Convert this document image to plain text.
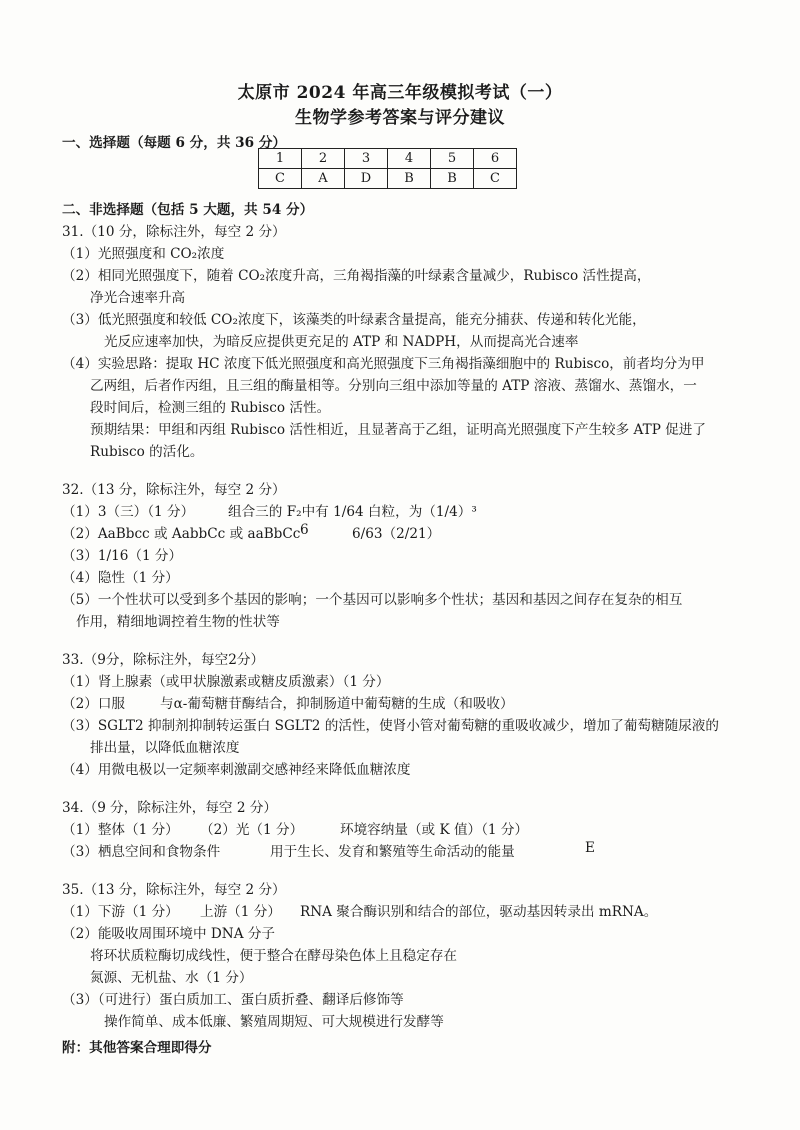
太原市 2024 年高三年级模拟考试（一）
生物学参考答案与评分建议
一、选择题（每题 6 分，共 36 分）
1	2	3	4	5	6
C	A	D	B	B	C
二、非选择题（包括 5 大题，共 54 分）
31.（10 分，除标注外，每空 2 分）
（1）光照强度和 CO₂浓度
（2）相同光照强度下，随着 CO₂浓度升高，三角褐指藻的叶绿素含量减少，Rubisco 活性提高，
净光合速率升高
（3）低光照强度和较低 CO₂浓度下，该藻类的叶绿素含量提高，能充分捕获、传递和转化光能，
光反应速率加快，为暗反应提供更充足的 ATP 和 NADPH，从而提高光合速率
（4）实验思路：提取 HC 浓度下低光照强度和高光照强度下三角褐指藻细胞中的 Rubisco，前者均分为甲
乙两组，后者作丙组，且三组的酶量相等。分别向三组中添加等量的 ATP 溶液、蒸馏水、蒸馏水，一
段时间后，检测三组的 Rubisco 活性。
预期结果：甲组和丙组 Rubisco 活性相近，且显著高于乙组，证明高光照强度下产生较多 ATP 促进了
Rubisco 的活化。
32.（13 分，除标注外，每空 2 分）
（1）3（三）（1 分） 组合三的 F₂中有 1/64 白粒，为（1/4）³
（2）AaBbcc 或 AabbCc 或 aaBbCc 6	6/63（2/21）
（3）1/16（1 分）
（4）隐性（1 分）
（5）一个性状可以受到多个基因的影响；一个基因可以影响多个性状；基因和基因之间存在复杂的相互
作用，精细地调控着生物的性状等
33.（9分，除标注外，每空2分）
（1）肾上腺素（或甲状腺激素或糖皮质激素）（1 分）
（2）口服	与α-葡萄糖苷酶结合，抑制肠道中葡萄糖的生成（和吸收）
（3）SGLT2 抑制剂抑制转运蛋白 SGLT2 的活性，使肾小管对葡萄糖的重吸收减少，增加了葡萄糖随尿液的
排出量，以降低血糖浓度
（4）用微电极以一定频率刺激副交感神经来降低血糖浓度
34.（9 分，除标注外，每空 2 分）
（1）整体（1 分） （2）光（1 分）	环境容纳量（或 K 值）（1 分）
（3）栖息空间和食物条件	用于生长、发育和繁殖等生命活动的能量	E
35.（13 分，除标注外，每空 2 分）
（1）下游（1 分） 上游（1 分） RNA 聚合酶识别和结合的部位，驱动基因转录出 mRNA。
（2）能吸收周围环境中 DNA 分子
将环状质粒酶切成线性，便于整合在酵母染色体上且稳定存在
氮源、无机盐、水（1 分）
（3）（可进行）蛋白质加工、蛋白质折叠、翻译后修饰等
操作简单、成本低廉、繁殖周期短、可大规模进行发酵等
附：其他答案合理即得分
